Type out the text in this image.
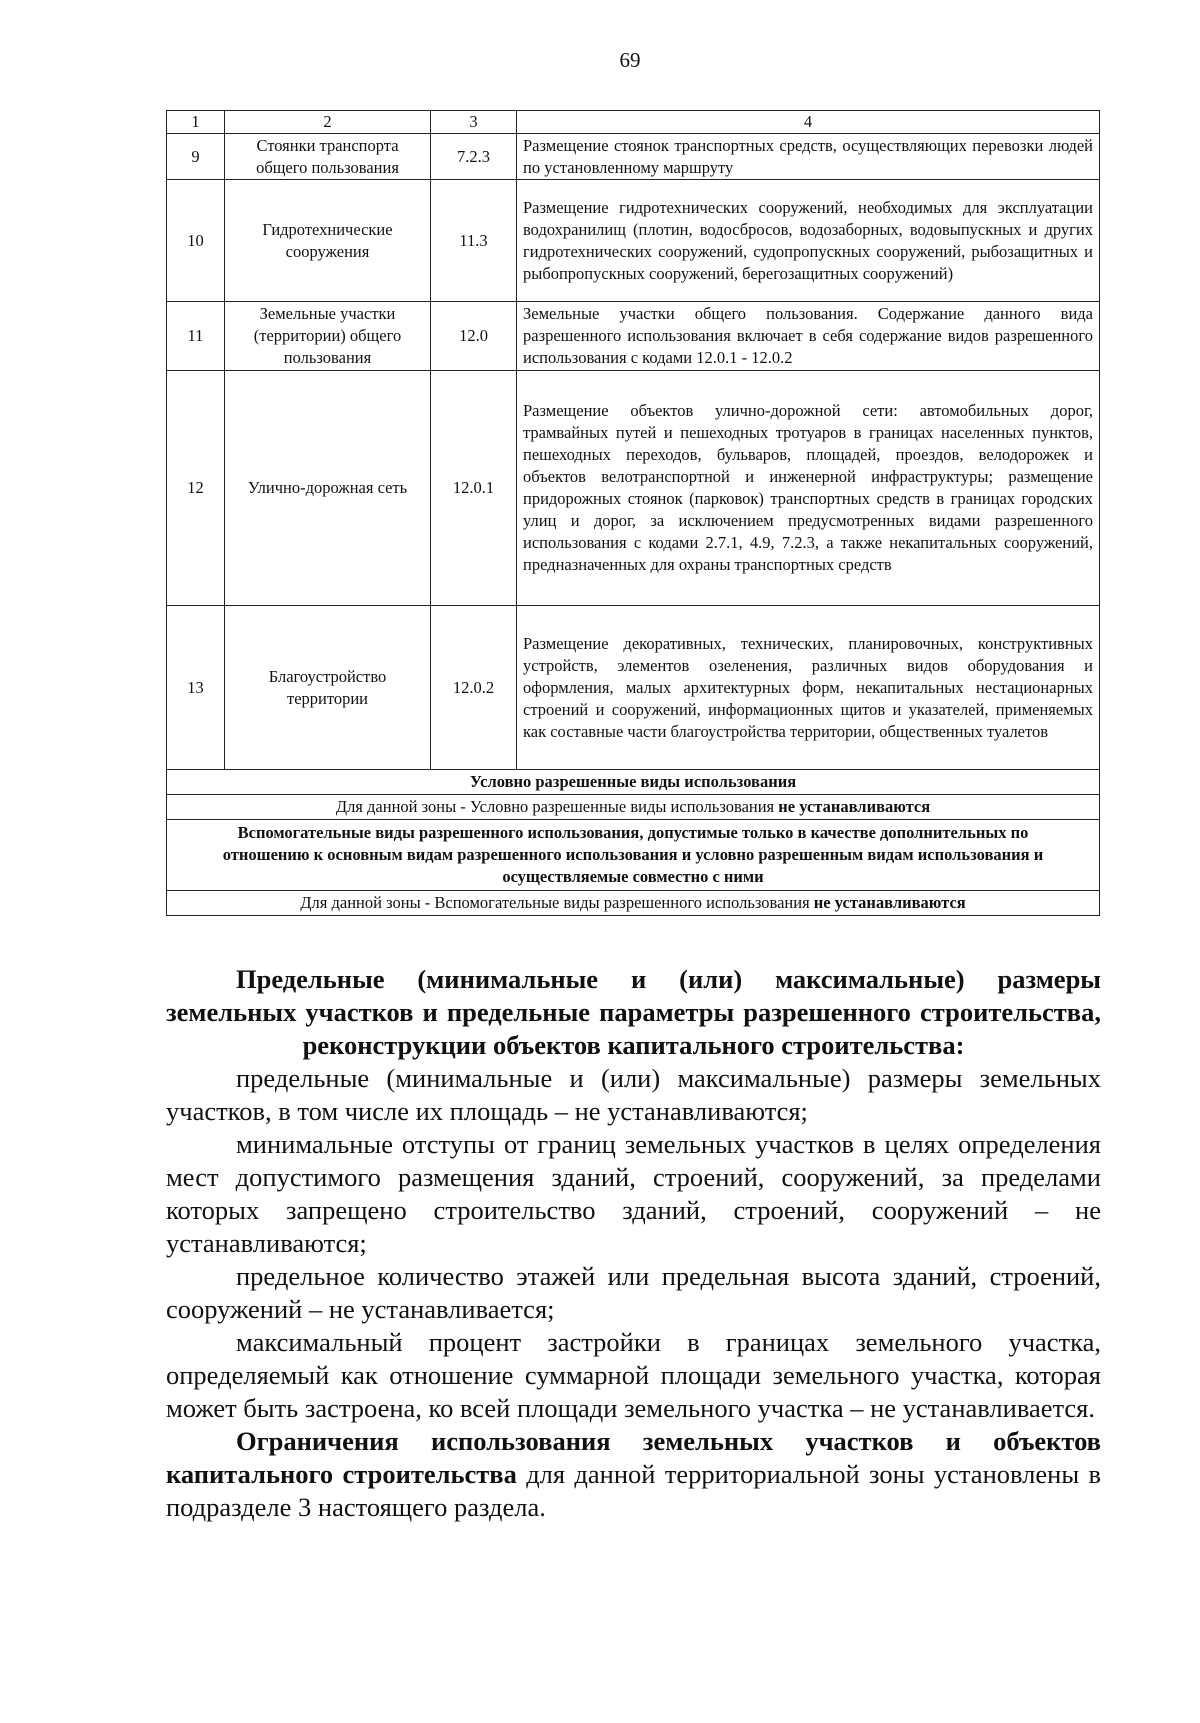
69
1	2	3	4
9	Стоянки транспорта общего пользования	7.2.3	Размещение стоянок транспортных средств, осуществляющих перевозки людей по установленному маршруту
10	Гидротехнические сооружения	11.3	Размещение гидротехнических сооружений, необходимых для эксплуатации водохранилищ (плотин, водосбросов, водозаборных, водовыпускных и других гидротехнических сооружений, судопропускных сооружений, рыбозащитных и рыбопропускных сооружений, берегозащитных сооружений)
11	Земельные участки (территории) общего пользования	12.0	Земельные участки общего пользования. Содержание данного вида разрешенного использования включает в себя содержание видов разрешенного использования с кодами 12.0.1 - 12.0.2
12	Улично-дорожная сеть	12.0.1	Размещение объектов улично-дорожной сети: автомобильных дорог, трамвайных путей и пешеходных тротуаров в границах населенных пунктов, пешеходных переходов, бульваров, площадей, проездов, велодорожек и объектов велотранспортной и инженерной инфраструктуры; размещение придорожных стоянок (парковок) транспортных средств в границах городских улиц и дорог, за исключением предусмотренных видами разрешенного использования с кодами 2.7.1, 4.9, 7.2.3, а также некапитальных сооружений, предназначенных для охраны транспортных средств
13	Благоустройство территории	12.0.2	Размещение декоративных, технических, планировочных, конструктивных устройств, элементов озеленения, различных видов оборудования и оформления, малых архитектурных форм, некапитальных нестационарных строений и сооружений, информационных щитов и указателей, применяемых как составные части благоустройства территории, общественных туалетов
Условно разрешенные виды использования			
Для данной зоны - Условно разрешенные виды использования не устанавливаются			
Вспомогательные виды разрешенного использования, допустимые только в качестве дополнительных по отношению к основным видам разрешенного использования и условно разрешенным видам использования и осуществляемые совместно с ними			
Для данной зоны - Вспомогательные виды разрешенного использования не устанавливаются			

Предельные (минимальные и (или) максимальные) размеры земельных участков и предельные параметры разрешенного строительства, реконструкции объектов капитального строительства:

предельные (минимальные и (или) максимальные) размеры земельных участков, в том числе их площадь – не устанавливаются;

минимальные отступы от границ земельных участков в целях определения мест допустимого размещения зданий, строений, сооружений, за пределами которых запрещено строительство зданий, строений, сооружений – не устанавливаются;

предельное количество этажей или предельная высота зданий, строений, сооружений – не устанавливается;

максимальный процент застройки в границах земельного участка, определяемый как отношение суммарной площади земельного участка, которая может быть застроена, ко всей площади земельного участка – не устанавливается.

Ограничения использования земельных участков и объектов капитального строительства для данной территориальной зоны установлены в подразделе 3 настоящего раздела.
